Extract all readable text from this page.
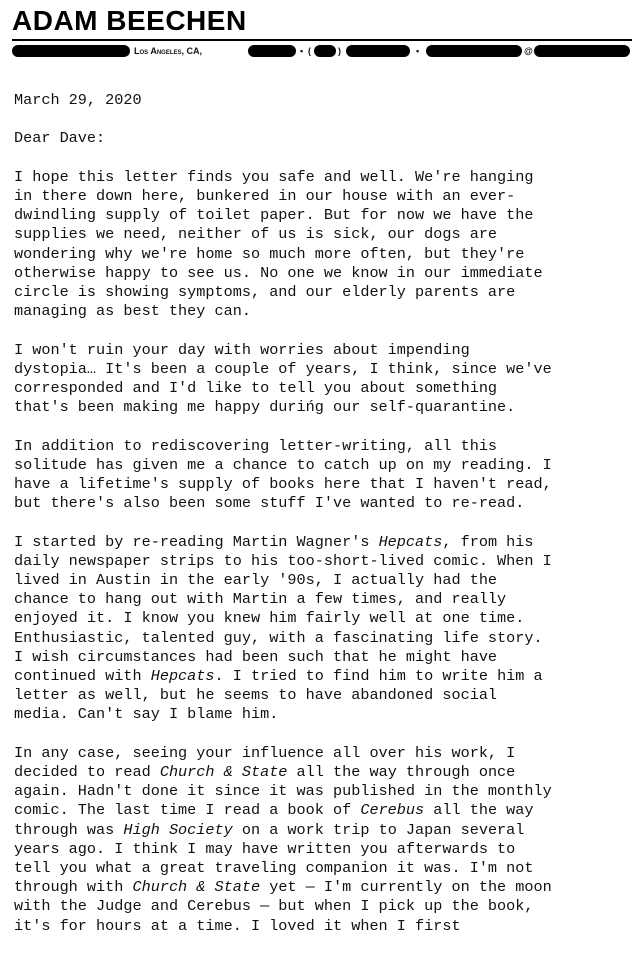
ADAM BEECHEN
Los Angeles, CA,	• (	)	•	@

March 29, 2020

Dear Dave:

I hope this letter finds you safe and well. We're hanging
in there down here, bunkered in our house with an ever-
dwindling supply of toilet paper. But for now we have the
supplies we need, neither of us is sick, our dogs are
wondering why we're home so much more often, but they're
otherwise happy to see us. No one we know in our immediate
circle is showing symptoms, and our elderly parents are
managing as best they can.

I won't ruin your day with worries about impending
dystopia… It's been a couple of years, I think, since we've
corresponded and I'd like to tell you about something
that's been making me happy durińg our self-quarantine.

In addition to rediscovering letter-writing, all this
solitude has given me a chance to catch up on my reading. I
have a lifetime's supply of books here that I haven't read,
but there's also been some stuff I've wanted to re-read.

I started by re-reading Martin Wagner's Hepcats, from his
daily newspaper strips to his too-short-lived comic. When I
lived in Austin in the early '90s, I actually had the
chance to hang out with Martin a few times, and really
enjoyed it. I know you knew him fairly well at one time.
Enthusiastic, talented guy, with a fascinating life story.
I wish circumstances had been such that he might have
continued with Hepcats. I tried to find him to write him a
letter as well, but he seems to have abandoned social
media. Can't say I blame him.

In any case, seeing your influence all over his work, I
decided to read Church & State all the way through once
again. Hadn't done it since it was published in the monthly
comic. The last time I read a book of Cerebus all the way
through was High Society on a work trip to Japan several
years ago. I think I may have written you afterwards to
tell you what a great traveling companion it was. I'm not
through with Church & State yet — I'm currently on the moon
with the Judge and Cerebus — but when I pick up the book,
it's for hours at a time. I loved it when I first
